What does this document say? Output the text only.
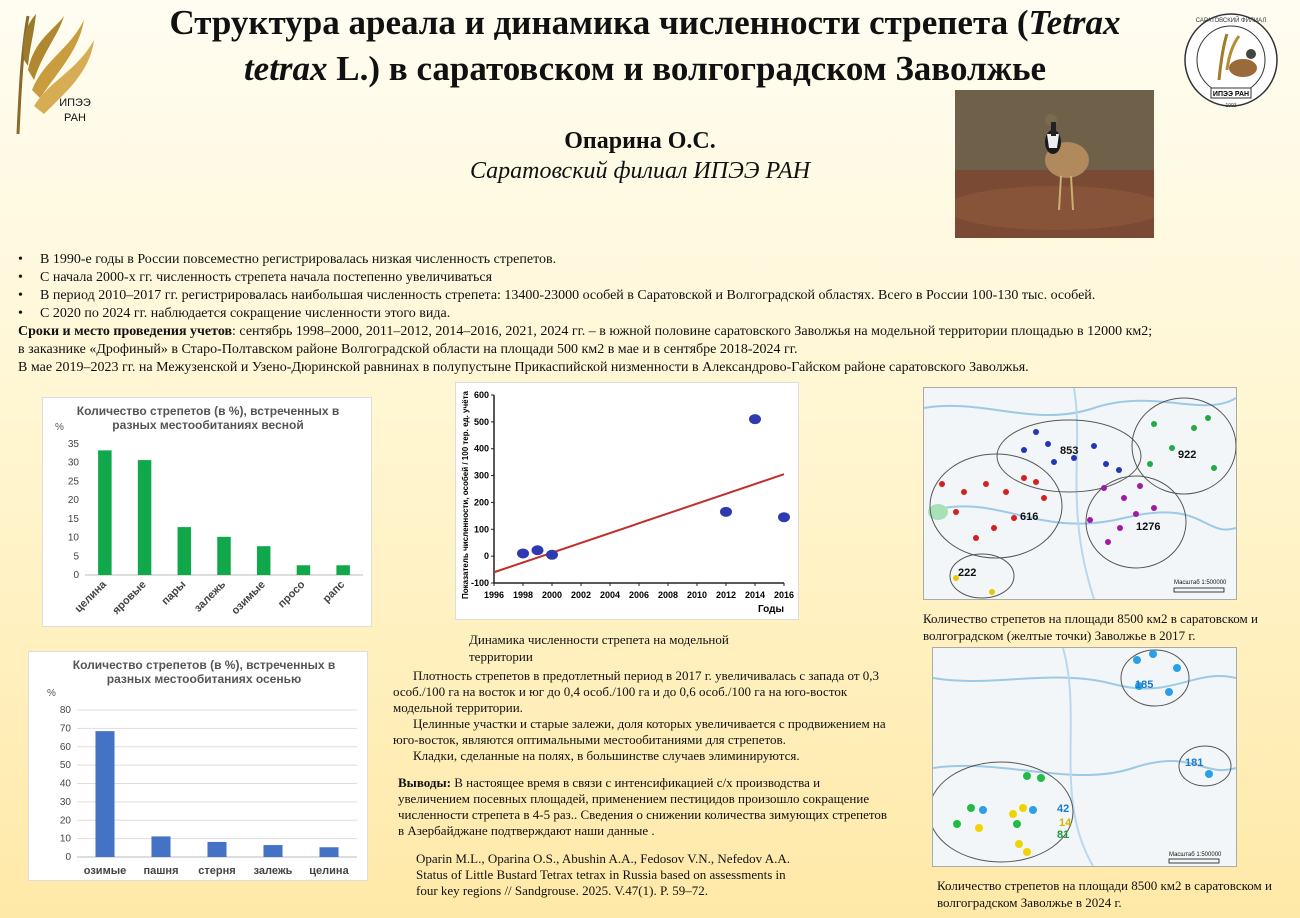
Структура ареала и динамика численности стрепета (Tetrax
tetrax L.) в саратовском и волгоградском Заволжье
ИПЭЭ РАН
ИПЭЭ РАН
САРАТОВСКИЙ ФИЛИАЛ
1993
Опарина О.С.
Саратовский филиал ИПЭЭ РАН
• В 1990-е годы в России повсеместно регистрировалась низкая численность стрепетов.
• С начала 2000-х гг. численность стрепета начала постепенно увеличиваться
• В период 2010–2017 гг. регистрировалась наибольшая численность стрепета: 13400-23000 особей в Саратовской и Волгоградской областях. Всего в России 100-130 тыс. особей.
• С 2020 по 2024 гг. наблюдается сокращение численности этого вида.
Сроки и место проведения учетов: сентябрь 1998–2000, 2011–2012, 2014–2016, 2021, 2024 гг. – в южной половине саратовского Заволжья на модельной территории площадью в 12000 км2;
в заказнике «Дрофиный» в Старо-Полтавском районе Волгоградской области на площади 500 км2 в мае и в сентябре 2018-2024 гг.
В мае 2019–2023 гг. на Межузенской и Узено-Дюринской равнинах в полупустыне Прикаспийской низменности в Александрово-Гайском районе саратовского Заволжья.
Количество стрепетов (в %), встреченных в разных местообитаниях весной
%
0
5
10
15
20
25
30
35
целина яровые пары залежь озимые просо рапс
Количество стрепетов (в %), встреченных в разных местообитаниях осенью
%
0
10
20
30
40
50
60
70
80
озимые пашня стерня залежь целина
-100
0
100
200
300
400
500
600
1996 1998 2000 2002 2004 2006 2008 2010 2012 2014 2016
Годы
Показатель численности, особей / 100 тер. ед. учёта
Динамика численности стрепета на модельной территории
Плотность стрепетов в предотлетный период в 2017 г. увеличивалась с запада от 0,3 особ./100 га на восток и юг до 0,4 особ./100 га и до 0,6 особ./100 га на юго-восток модельной территории.
Целинные участки и старые залежи, доля которых увеличивается с продвижением на юго-восток, являются оптимальными местообитаниями для стрепетов.
Кладки, сделанные на полях, в большинстве случаев элиминируются.
Выводы: В настоящее время в связи с интенсификацией с/х производства и увеличением посевных площадей, применением пестицидов произошло сокращение численности стрепета в 4-5 раз.. Сведения о снижении количества зимующих стрепетов в Азербайджане подтверждают наши данные .
Oparin M.L., Oparina O.S., Abushin A.A., Fedosov V.N., Nefedov A.A. Status of Little Bustard Tetrax tetrax in Russia based on assessments in four key regions // Sandgrouse. 2025. V.47(1). P. 59–72.
853	922
616
1276
222
Масштаб 1:500000
Количество стрепетов на площади 8500 км2 в саратовском и волгоградском (желтые точки) Заволжье в 2017 г.
185
181
42
14
81
Масштаб 1:500000
Количество стрепетов на площади 8500 км2 в саратовском и волгоградском Заволжье в 2024 г.
